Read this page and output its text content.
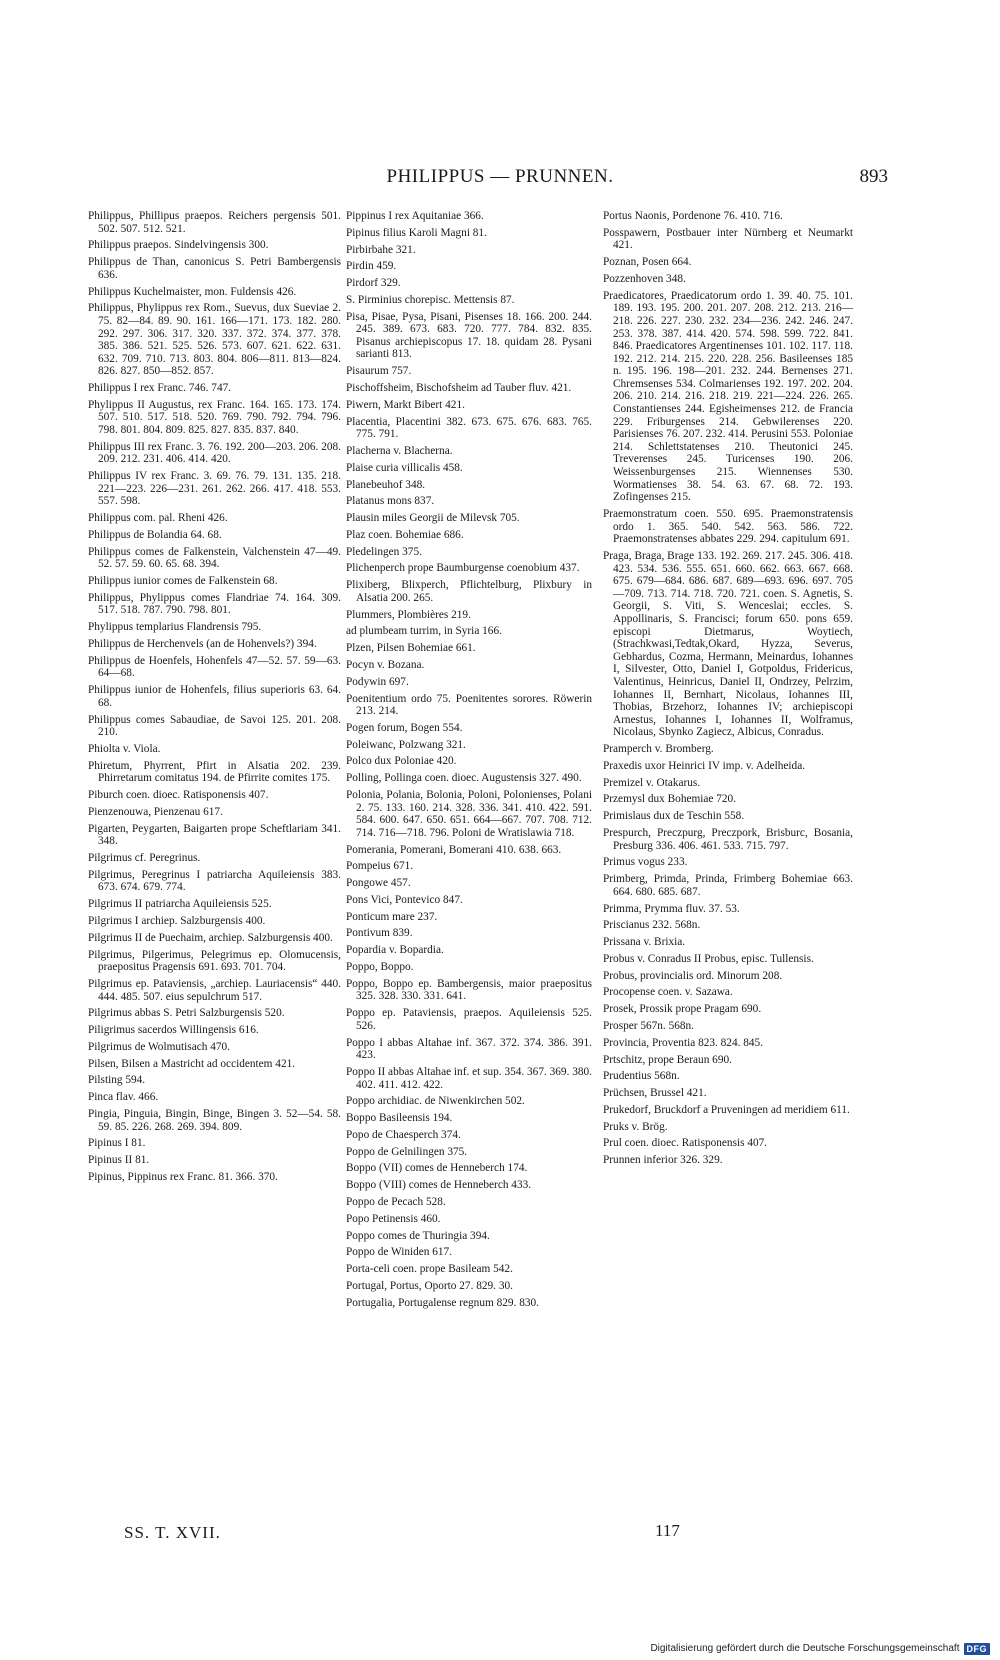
PHILIPPUS — PRUNNEN.	893

Philippus, Phillipus praepos. Reichers pergensis 501. 502. 507. 512. 521.

Philippus praepos. Sindelvingensis 300.

Philippus de Than, canonicus S. Petri Bambergensis 636.

Philippus Kuchelmaister, mon. Fuldensis 426.

Philippus, Phylippus rex Rom., Suevus, dux Sueviae 2. 75. 82—84. 89. 90. 161. 166—171. 173. 182. 280. 292. 297. 306. 317. 320. 337. 372. 374. 377. 378. 385. 386. 521. 525. 526. 573. 607. 621. 622. 631. 632. 709. 710. 713. 803. 804. 806—811. 813—824. 826. 827. 850—852. 857.

Philippus I rex Franc. 746. 747.

Phylippus II Augustus, rex Franc. 164. 165. 173. 174. 507. 510. 517. 518. 520. 769. 790. 792. 794. 796. 798. 801. 804. 809. 825. 827. 835. 837. 840.

Philippus III rex Franc. 3. 76. 192. 200—203. 206. 208. 209. 212. 231. 406. 414. 420.

Philippus IV rex Franc. 3. 69. 76. 79. 131. 135. 218. 221—223. 226—231. 261. 262. 266. 417. 418. 553. 557. 598.

Philippus com. pal. Rheni 426.

Philippus de Bolandia 64. 68.

Philippus comes de Falkenstein, Valchenstein 47—49. 52. 57. 59. 60. 65. 68. 394.

Philippus iunior comes de Falkenstein 68.

Philippus, Phylippus comes Flandriae 74. 164. 309. 517. 518. 787. 790. 798. 801.

Phylippus templarius Flandrensis 795.

Philippus de Herchenvels (an de Hohenvels?) 394.

Philippus de Hoenfels, Hohenfels 47—52. 57. 59—63. 64—68.

Philippus iunior de Hohenfels, filius superioris 63. 64. 68.

Philippus comes Sabaudiae, de Savoi 125. 201. 208. 210.

Phiolta v. Viola.

Phiretum, Phyrrent, Pfirt in Alsatia 202. 239. Phirretarum comitatus 194. de Pfirrite comites 175.

Piburch coen. dioec. Ratisponensis 407.

Pienzenouwa, Pienzenau 617.

Pigarten, Peygarten, Baigarten prope Scheftlariam 341. 348.

Pilgrimus cf. Peregrinus.

Pilgrimus, Peregrinus I patriarcha Aquileiensis 383. 673. 674. 679. 774.

Pilgrimus II patriarcha Aquileiensis 525.

Pilgrimus I archiep. Salzburgensis 400.

Pilgrimus II de Puechaim, archiep. Salzburgensis 400.

Pilgrimus, Pilgerimus, Pelegrimus ep. Olomucensis, praepositus Pragensis 691. 693. 701. 704.

Pilgrimus ep. Pataviensis, „archiep. Lauriacensis“ 440. 444. 485. 507. eius sepulchrum 517.

Pilgrimus abbas S. Petri Salzburgensis 520.

Piligrimus sacerdos Willingensis 616.

Pilgrimus de Wolmutisach 470.

Pilsen, Bilsen a Mastricht ad occidentem 421.

Pilsting 594.

Pinca flav. 466.

Pingia, Pinguia, Bingin, Binge, Bingen 3. 52—54. 58. 59. 85. 226. 268. 269. 394. 809.

Pipinus I 81.

Pipinus II 81.

Pipinus, Pippinus rex Franc. 81. 366. 370.

Pippinus I rex Aquitaniae 366.

Pipinus filius Karoli Magni 81.

Pirbirbahe 321.

Pirdin 459.

Pirdorf 329.

S. Pirminius chorepisc. Mettensis 87.

Pisa, Pisae, Pysa, Pisani, Pisenses 18. 166. 200. 244. 245. 389. 673. 683. 720. 777. 784. 832. 835. Pisanus archiepiscopus 17. 18. quidam 28. Pysani sarianti 813.

Pisaurum 757.

Pischoffsheim, Bischofsheim ad Tauber fluv. 421.

Piwern, Markt Bibert 421.

Placentia, Placentini 382. 673. 675. 676. 683. 765. 775. 791.

Placherna v. Blacherna.

Plaise curia villicalis 458.

Planebeuhof 348.

Platanus mons 837.

Plausin miles Georgii de Milevsk 705.

Plaz coen. Bohemiae 686.

Pledelingen 375.

Plichenperch prope Baumburgense coenobium 437.

Plixiberg, Blixperch, Pflichtelburg, Plixbury in Alsatia 200. 265.

Plummers, Plombières 219.

ad plumbeam turrim, in Syria 166.

Plzen, Pilsen Bohemiae 661.

Pocyn v. Bozana.

Podywin 697.

Poenitentium ordo 75. Poenitentes sorores. Röwerin 213. 214.

Pogen forum, Bogen 554.

Poleiwanc, Polzwang 321.

Polco dux Poloniae 420.

Polling, Pollinga coen. dioec. Augustensis 327. 490.

Polonia, Polania, Bolonia, Poloni, Polonienses, Polani 2. 75. 133. 160. 214. 328. 336. 341. 410. 422. 591. 584. 600. 647. 650. 651. 664—667. 707. 708. 712. 714. 716—718. 796. Poloni de Wratislawia 718.

Pomerania, Pomerani, Bomerani 410. 638. 663.

Pompeius 671.

Pongowe 457.

Pons Vici, Pontevico 847.

Ponticum mare 237.

Pontivum 839.

Popardia v. Bopardia.

Poppo, Boppo.

Poppo, Boppo ep. Bambergensis, maior praepositus 325. 328. 330. 331. 641.

Poppo ep. Pataviensis, praepos. Aquileiensis 525. 526.

Poppo I abbas Altahae inf. 367. 372. 374. 386. 391. 423.

Poppo II abbas Altahae inf. et sup. 354. 367. 369. 380. 402. 411. 412. 422.

Poppo archidiac. de Niwenkirchen 502.

Boppo Basileensis 194.

Popo de Chaesperch 374.

Poppo de Gelnilingen 375.

Boppo (VII) comes de Henneberch 174.

Boppo (VIII) comes de Henneberch 433.

Poppo de Pecach 528.

Popo Petinensis 460.

Poppo comes de Thuringia 394.

Poppo de Winiden 617.

Porta-celi coen. prope Basileam 542.

Portugal, Portus, Oporto 27. 829. 30.

Portugalia, Portugalense regnum 829. 830.

Portus Naonis, Pordenone 76. 410. 716.

Posspawern, Postbauer inter Nürnberg et Neumarkt 421.

Poznan, Posen 664.

Pozzenhoven 348.

Praedicatores, Praedicatorum ordo 1. 39. 40. 75. 101. 189. 193. 195. 200. 201. 207. 208. 212. 213. 216—218. 226. 227. 230. 232. 234—236. 242. 246. 247. 253. 378. 387. 414. 420. 574. 598. 599. 722. 841. 846. Praedicatores Argentinenses 101. 102. 117. 118. 192. 212. 214. 215. 220. 228. 256. Basileenses 185 n. 195. 196. 198—201. 232. 244. Bernenses 271. Chremsenses 534. Colmarienses 192. 197. 202. 204. 206. 210. 214. 216. 218. 219. 221—224. 226. 265. Constantienses 244. Egisheimenses 212. de Francia 229. Friburgenses 214. Gebwilerenses 220. Parisienses 76. 207. 232. 414. Perusini 553. Poloniae 214. Schlettstatenses 210. Theutonici 245. Treverenses 245. Turicenses 190. 206. Weissenburgenses 215. Wiennenses 530. Wormatienses 38. 54. 63. 67. 68. 72. 193. Zofingenses 215.

Praemonstratum coen. 550. 695. Praemonstratensis ordo 1. 365. 540. 542. 563. 586. 722. Praemonstratenses abbates 229. 294. capitulum 691.

Praga, Braga, Brage 133. 192. 269. 217. 245. 306. 418. 423. 534. 536. 555. 651. 660. 662. 663. 667. 668. 675. 679—684. 686. 687. 689—693. 696. 697. 705—709. 713. 714. 718. 720. 721. coen. S. Agnetis, S. Georgii, S. Viti, S. Wenceslai; eccles. S. Appollinaris, S. Francisci; forum 650. pons 659. episcopi Dietmarus, Woytiech,(Strachkwasi,Tedtak,Okard, Hyzza, Severus, Gebhardus, Cozma, Hermann, Meinardus, Iohannes I, Silvester, Otto, Daniel I, Gotpoldus, Fridericus, Valentinus, Heinricus, Daniel II, Ondrzey, Pelrzim, Iohannes II, Bernhart, Nicolaus, Iohannes III, Thobias, Brzehorz, Iohannes IV; archiepiscopi Arnestus, Iohannes I, Iohannes II, Wolframus, Nicolaus, Sbynko Zagiecz, Albicus, Conradus.

Pramperch v. Bromberg.

Praxedis uxor Heinrici IV imp. v. Adelheida.

Premizel v. Otakarus.

Przemysl dux Bohemiae 720.

Primislaus dux de Teschin 558.

Prespurch, Preczpurg, Preczpork, Brisburc, Bosania, Presburg 336. 406. 461. 533. 715. 797.

Primus vogus 233.

Primberg, Primda, Prinda, Frimberg Bohemiae 663. 664. 680. 685. 687.

Primma, Prymma fluv. 37. 53.

Priscianus 232. 568n.

Prissana v. Brixia.

Probus v. Conradus II Probus, episc. Tullensis.

Probus, provincialis ord. Minorum 208.

Procopense coen. v. Sazawa.

Prosek, Prossik prope Pragam 690.

Prosper 567n. 568n.

Provincia, Proventia 823. 824. 845.

Prtschitz, prope Beraun 690.

Prudentius 568n.

Prüchsen, Brussel 421.

Prukedorf, Bruckdorf a Pruveningen ad meridiem 611.

Pruks v. Brög.

Prul coen. dioec. Ratisponensis 407.

Prunnen inferior 326. 329.

SS. T. XVII.	117
Digitalisierung gefördert durch die Deutsche Forschungsgemeinschaft DFG
